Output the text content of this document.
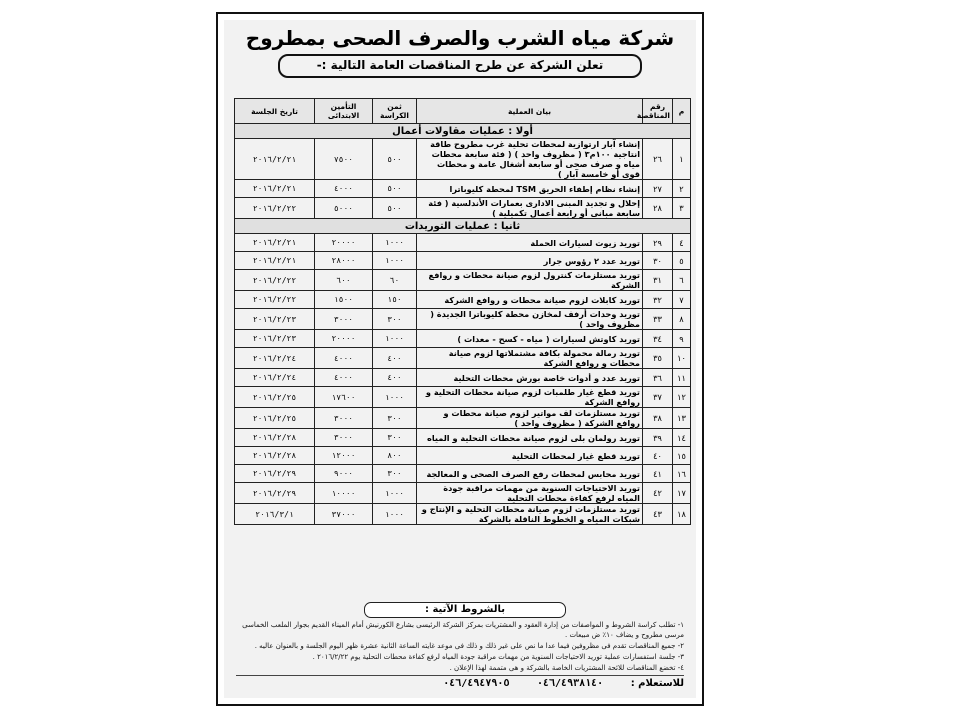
شركة مياه الشرب والصرف الصحى بمطروح
تعلن الشركة عن طرح المناقصات العامة التالية :-
م	رقم المناقصة	بيان العملية	ثمن الكراسة	التأمين الابتدائى	تاريخ الجلسة
أولا : عمليات مقاولات أعمال					
١	٢٦	إنشاء آبار ارتوازية لمحطات تحلية غرب مطروح طاقة انتاجية ١٠٠م٣ ( مظروف واحد ) ( فئة سابعة محطات مياه و صرف صحى أو سابعة أشغال عامة و محطات قوى أو خامسة آبار )	٥٠٠	٧٥٠٠	٢٠١٦/٢/٢١
٢	٢٧	إنشاء نظام إطفاء الحريق TSM لمحطة كليوباترا	٥٠٠	٤٠٠٠	٢٠١٦/٢/٢١
٣	٢٨	إحلال و تجديد المبنى الادارى بعمارات الأندلسية ( فئة سابعة مبانى أو رابعة أعمال تكميلية )	٥٠٠	٥٠٠٠	٢٠١٦/٢/٢٢
ثانيا : عمليات التوريدات					
٤	٢٩	توريد زيوت لسيارات الحملة	١٠٠٠	٢٠٠٠٠	٢٠١٦/٢/٢١
٥	٣٠	توريد عدد ٢ رؤوس جرار	١٠٠٠	٢٨٠٠٠	٢٠١٦/٢/٢١
٦	٣١	توريد مستلزمات كنترول لزوم صيانة محطات و روافع الشركة	٦٠	٦٠٠	٢٠١٦/٢/٢٢
٧	٣٢	توريد كابلات لزوم صيانة محطات و روافع الشركة	١٥٠	١٥٠٠	٢٠١٦/٢/٢٢
٨	٣٣	توريد وحدات أرفف لمخازن محطة كليوباترا الجديدة ( مظروف واحد )	٣٠٠	٣٠٠٠	٢٠١٦/٢/٢٣
٩	٣٤	توريد كاوتش لسيارات ( مياه - كسح - معدات )	١٠٠٠	٢٠٠٠٠	٢٠١٦/٢/٢٣
١٠	٣٥	توريد رمالة محمولة بكافة مشتملاتها لزوم صيانة محطات و روافع الشركة	٤٠٠	٤٠٠٠	٢٠١٦/٢/٢٤
١١	٣٦	توريد عدد و أدوات خاصة بورش محطات التحلية	٤٠٠	٤٠٠٠	٢٠١٦/٢/٢٤
١٢	٣٧	توريد قطع غيار طلمبات لزوم صيانة محطات التحلية و روافع الشركة	١٠٠٠	١٧٦٠٠	٢٠١٦/٢/٢٥
١٣	٣٨	توريد مستلزمات لف مواتير لزوم صيانة محطات و روافع الشركة ( مظروف واحد )	٣٠٠	٣٠٠٠	٢٠١٦/٢/٢٥
١٤	٣٩	توريد رولمان بلى لزوم صيانة محطات التحلية و المياه	٣٠٠	٣٠٠٠	٢٠١٦/٢/٢٨
١٥	٤٠	توريد قطع غيار لمحطات التحلية	٨٠٠	١٢٠٠٠	٢٠١٦/٢/٢٨
١٦	٤١	توريد محابس لمحطات رفع الصرف الصحى و المعالجة	٣٠٠	٩٠٠٠	٢٠١٦/٢/٢٩
١٧	٤٢	توريد الاحتياجات السنوية من مهمات مراقبة جودة المياه لرفع كفاءة محطات التحلية	١٠٠٠	١٠٠٠٠	٢٠١٦/٢/٢٩
١٨	٤٣	توريد مستلزمات لزوم صيانة محطات التحلية و الإنتاج و شبكات المياه و الخطوط الناقلة بالشركة	١٠٠٠	٣٧٠٠٠	٢٠١٦/٣/١
بالشروط الآتية :
١- تطلب كراسة الشروط و المواصفات من إدارة العقود و المشتريات بمركز الشركة الرئيسى بشارع الكورنيش أمام الميناء القديم بجوار الملعب الخماسى مرسى مطروح و يضاف ١٠٪ ض مبيعات .
٢- جميع المناقصات تقدم فى مظروفين فيما عدا ما نص على غير ذلك و ذلك فى موعد غايته الساعة الثانية عشرة ظهر اليوم الجلسة و بالعنوان عاليه .
٣- جلسة استفسارات عملية توريد الاحتياجات السنوية من مهمات مراقبة جودة المياه لرفع كفاءة محطات التحلية يوم ٢٠١٦/٢/٢٢ .
٤- تخضع المناقصات للائحة المشتريات الخاصة بالشركة و هى متممة لهذا الإعلان .
للاستعلام : ٠٤٦/٤٩٣٨١٤٠ ٠٤٦/٤٩٤٧٩٠٥
